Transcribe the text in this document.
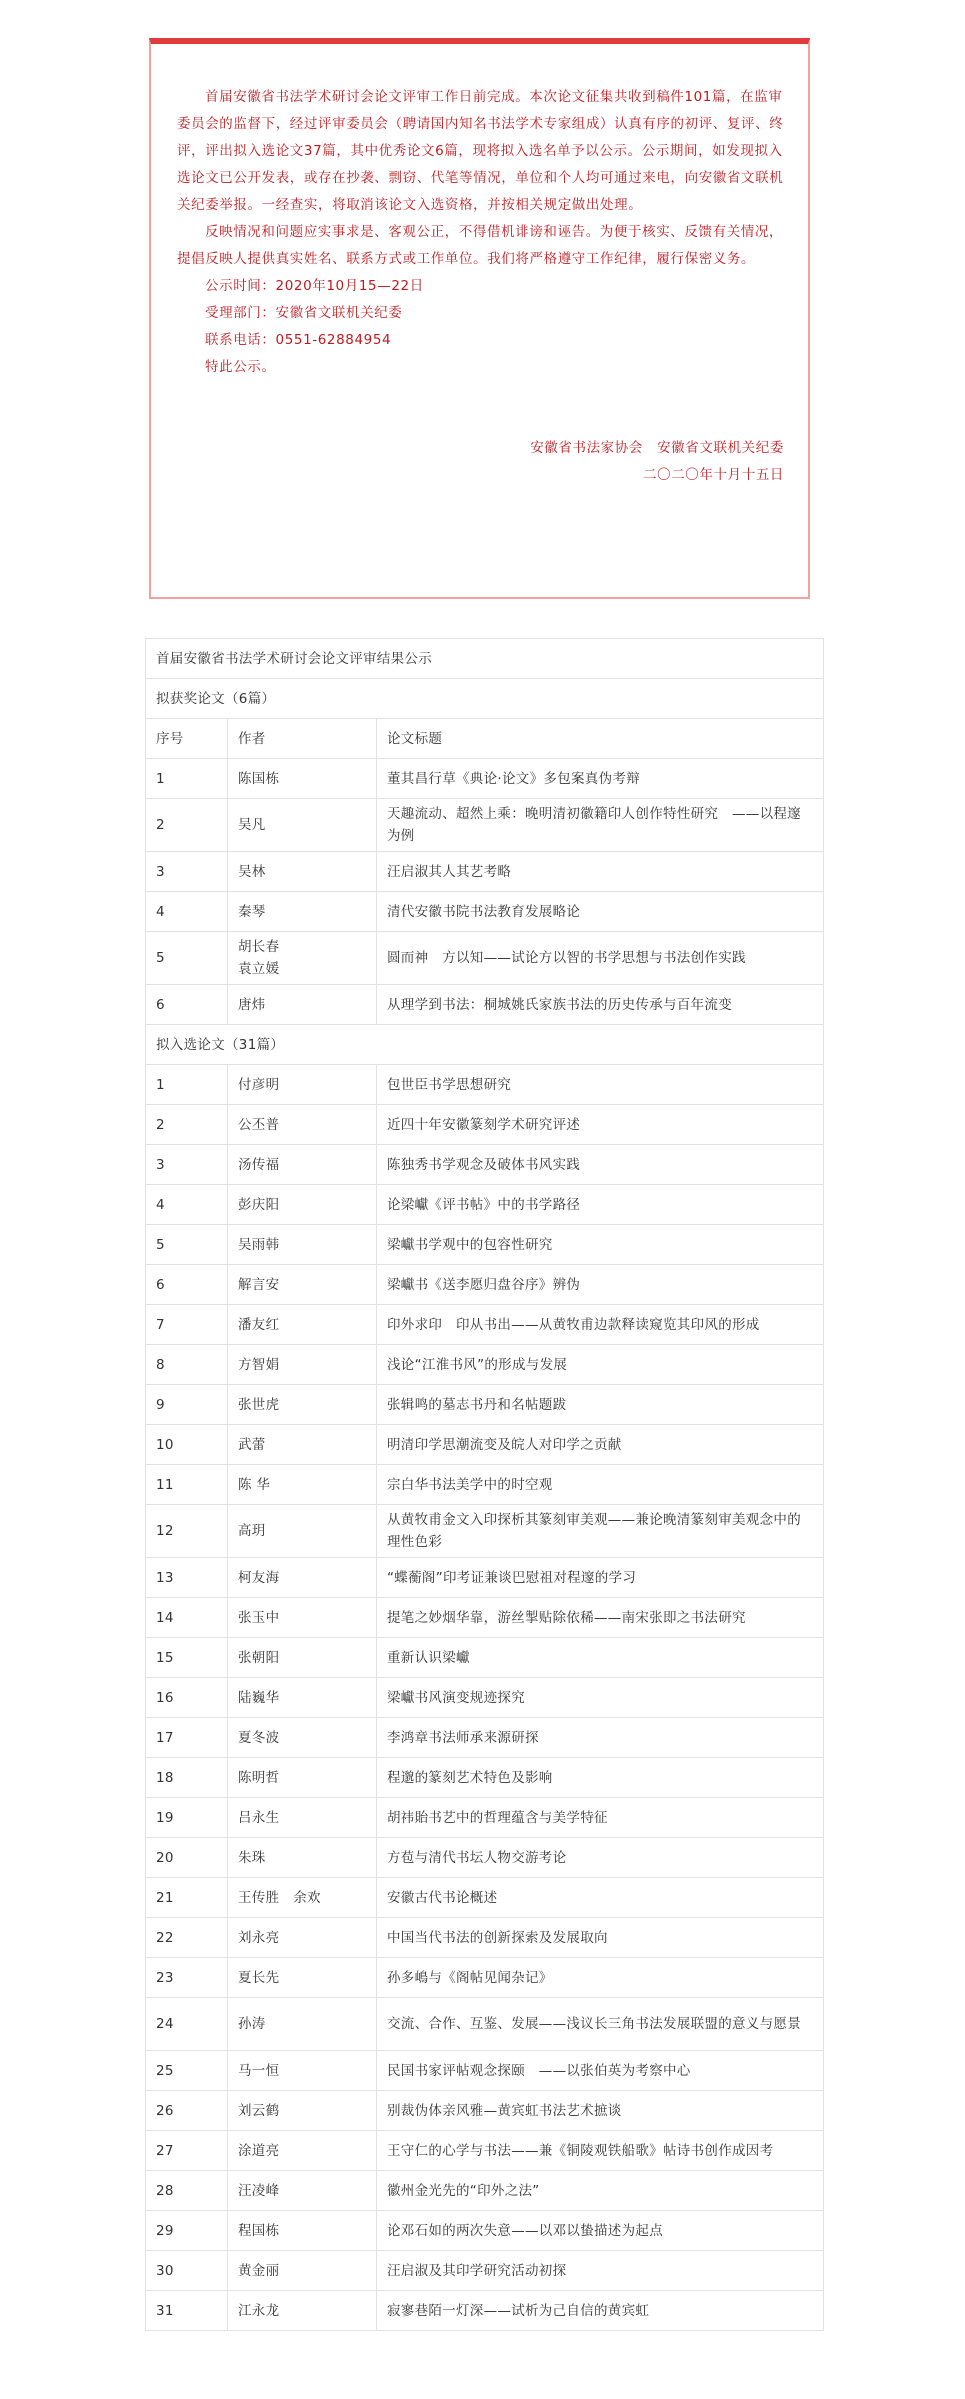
首届安徽省书法学术研讨会论文评审工作日前完成。本次论文征集共收到稿件101篇，在监审委员会的监督下，经过评审委员会（聘请国内知名书法学术专家组成）认真有序的初评、复评、终评，评出拟入选论文37篇，其中优秀论文6篇，现将拟入选名单予以公示。公示期间，如发现拟入选论文已公开发表，或存在抄袭、剽窃、代笔等情况，单位和个人均可通过来电，向安徽省文联机关纪委举报。一经查实，将取消该论文入选资格，并按相关规定做出处理。

反映情况和问题应实事求是、客观公正，不得借机诽谤和诬告。为便于核实、反馈有关情况，提倡反映人提供真实姓名、联系方式或工作单位。我们将严格遵守工作纪律，履行保密义务。

公示时间：2020年10月15—22日

受理部门：安徽省文联机关纪委

联系电话：0551-62884954

特此公示。

安徽省书法家协会　安徽省文联机关纪委

二〇二〇年十月十五日

首届安徽省书法学术研讨会论文评审结果公示		
拟获奖论文（6篇）		
序号	作者	论文标题
1	陈国栋	董其昌行草《典论·论文》多包案真伪考辩
2	吴凡	天趣流动、超然上乘：晚明清初徽籍印人创作特性研究　——以程邃为例
3	吴林	汪启淑其人其艺考略
4	秦琴	清代安徽书院书法教育发展略论
5	胡长春
袁立媛	圆而神　方以知——试论方以智的书学思想与书法创作实践
6	唐炜	从理学到书法：桐城姚氏家族书法的历史传承与百年流变
拟入选论文（31篇）		
1	付彦明	包世臣书学思想研究
2	公丕普	近四十年安徽篆刻学术研究评述
3	汤传福	陈独秀书学观念及破体书风实践
4	彭庆阳	论梁巘《评书帖》中的书学路径
5	吴雨韩	梁巘书学观中的包容性研究
6	解言安	梁巘书《送李愿归盘谷序》辨伪
7	潘友红	印外求印　印从书出——从黄牧甫边款释读窥览其印风的形成
8	方智娟	浅论“江淮书风”的形成与发展
9	张世虎	张辑鸣的墓志书丹和名帖题跋
10	武蕾	明清印学思潮流变及皖人对印学之贡献
11	陈 华	宗白华书法美学中的时空观
12	高玥	从黄牧甫金文入印探析其篆刻审美观——兼论晚清篆刻审美观念中的理性色彩
13	柯友海	“蝶蘅阁”印考证兼谈巴慰祖对程邃的学习
14	张玉中	提笔之妙烟华靠，游丝掣贴除依稀——南宋张即之书法研究
15	张朝阳	重新认识梁巘
16	陆巍华	梁巘书风演变规迹探究
17	夏冬波	李鸿章书法师承来源研探
18	陈明哲	程邈的篆刻艺术特色及影响
19	吕永生	胡祎貽书艺中的哲理蕴含与美学特征
20	朱珠	方苞与清代书坛人物交游考论
21	王传胜　余欢	安徽古代书论概述
22	刘永亮	中国当代书法的创新探索及发展取向
23	夏长先	孙多嶋与《阁帖见闻杂记》
24	孙涛	交流、合作、互鉴、发展——浅议长三角书法发展联盟的意义与愿景
25	马一恒	民国书家评帖观念探颐　——以张伯英为考察中心
26	刘云鹤	别裁伪体亲风雅—黄宾虹书法艺术摭谈
27	涂道亮	王守仁的心学与书法——兼《铜陵观铁船歌》帖诗书创作成因考
28	汪凌峰	徽州金光先的“印外之法”
29	程国栋	论邓石如的两次失意——以邓以蛰描述为起点
30	黄金丽	汪启淑及其印学研究活动初探
31	江永龙	寂寥巷陌一灯深——试析为己自信的黄宾虹
